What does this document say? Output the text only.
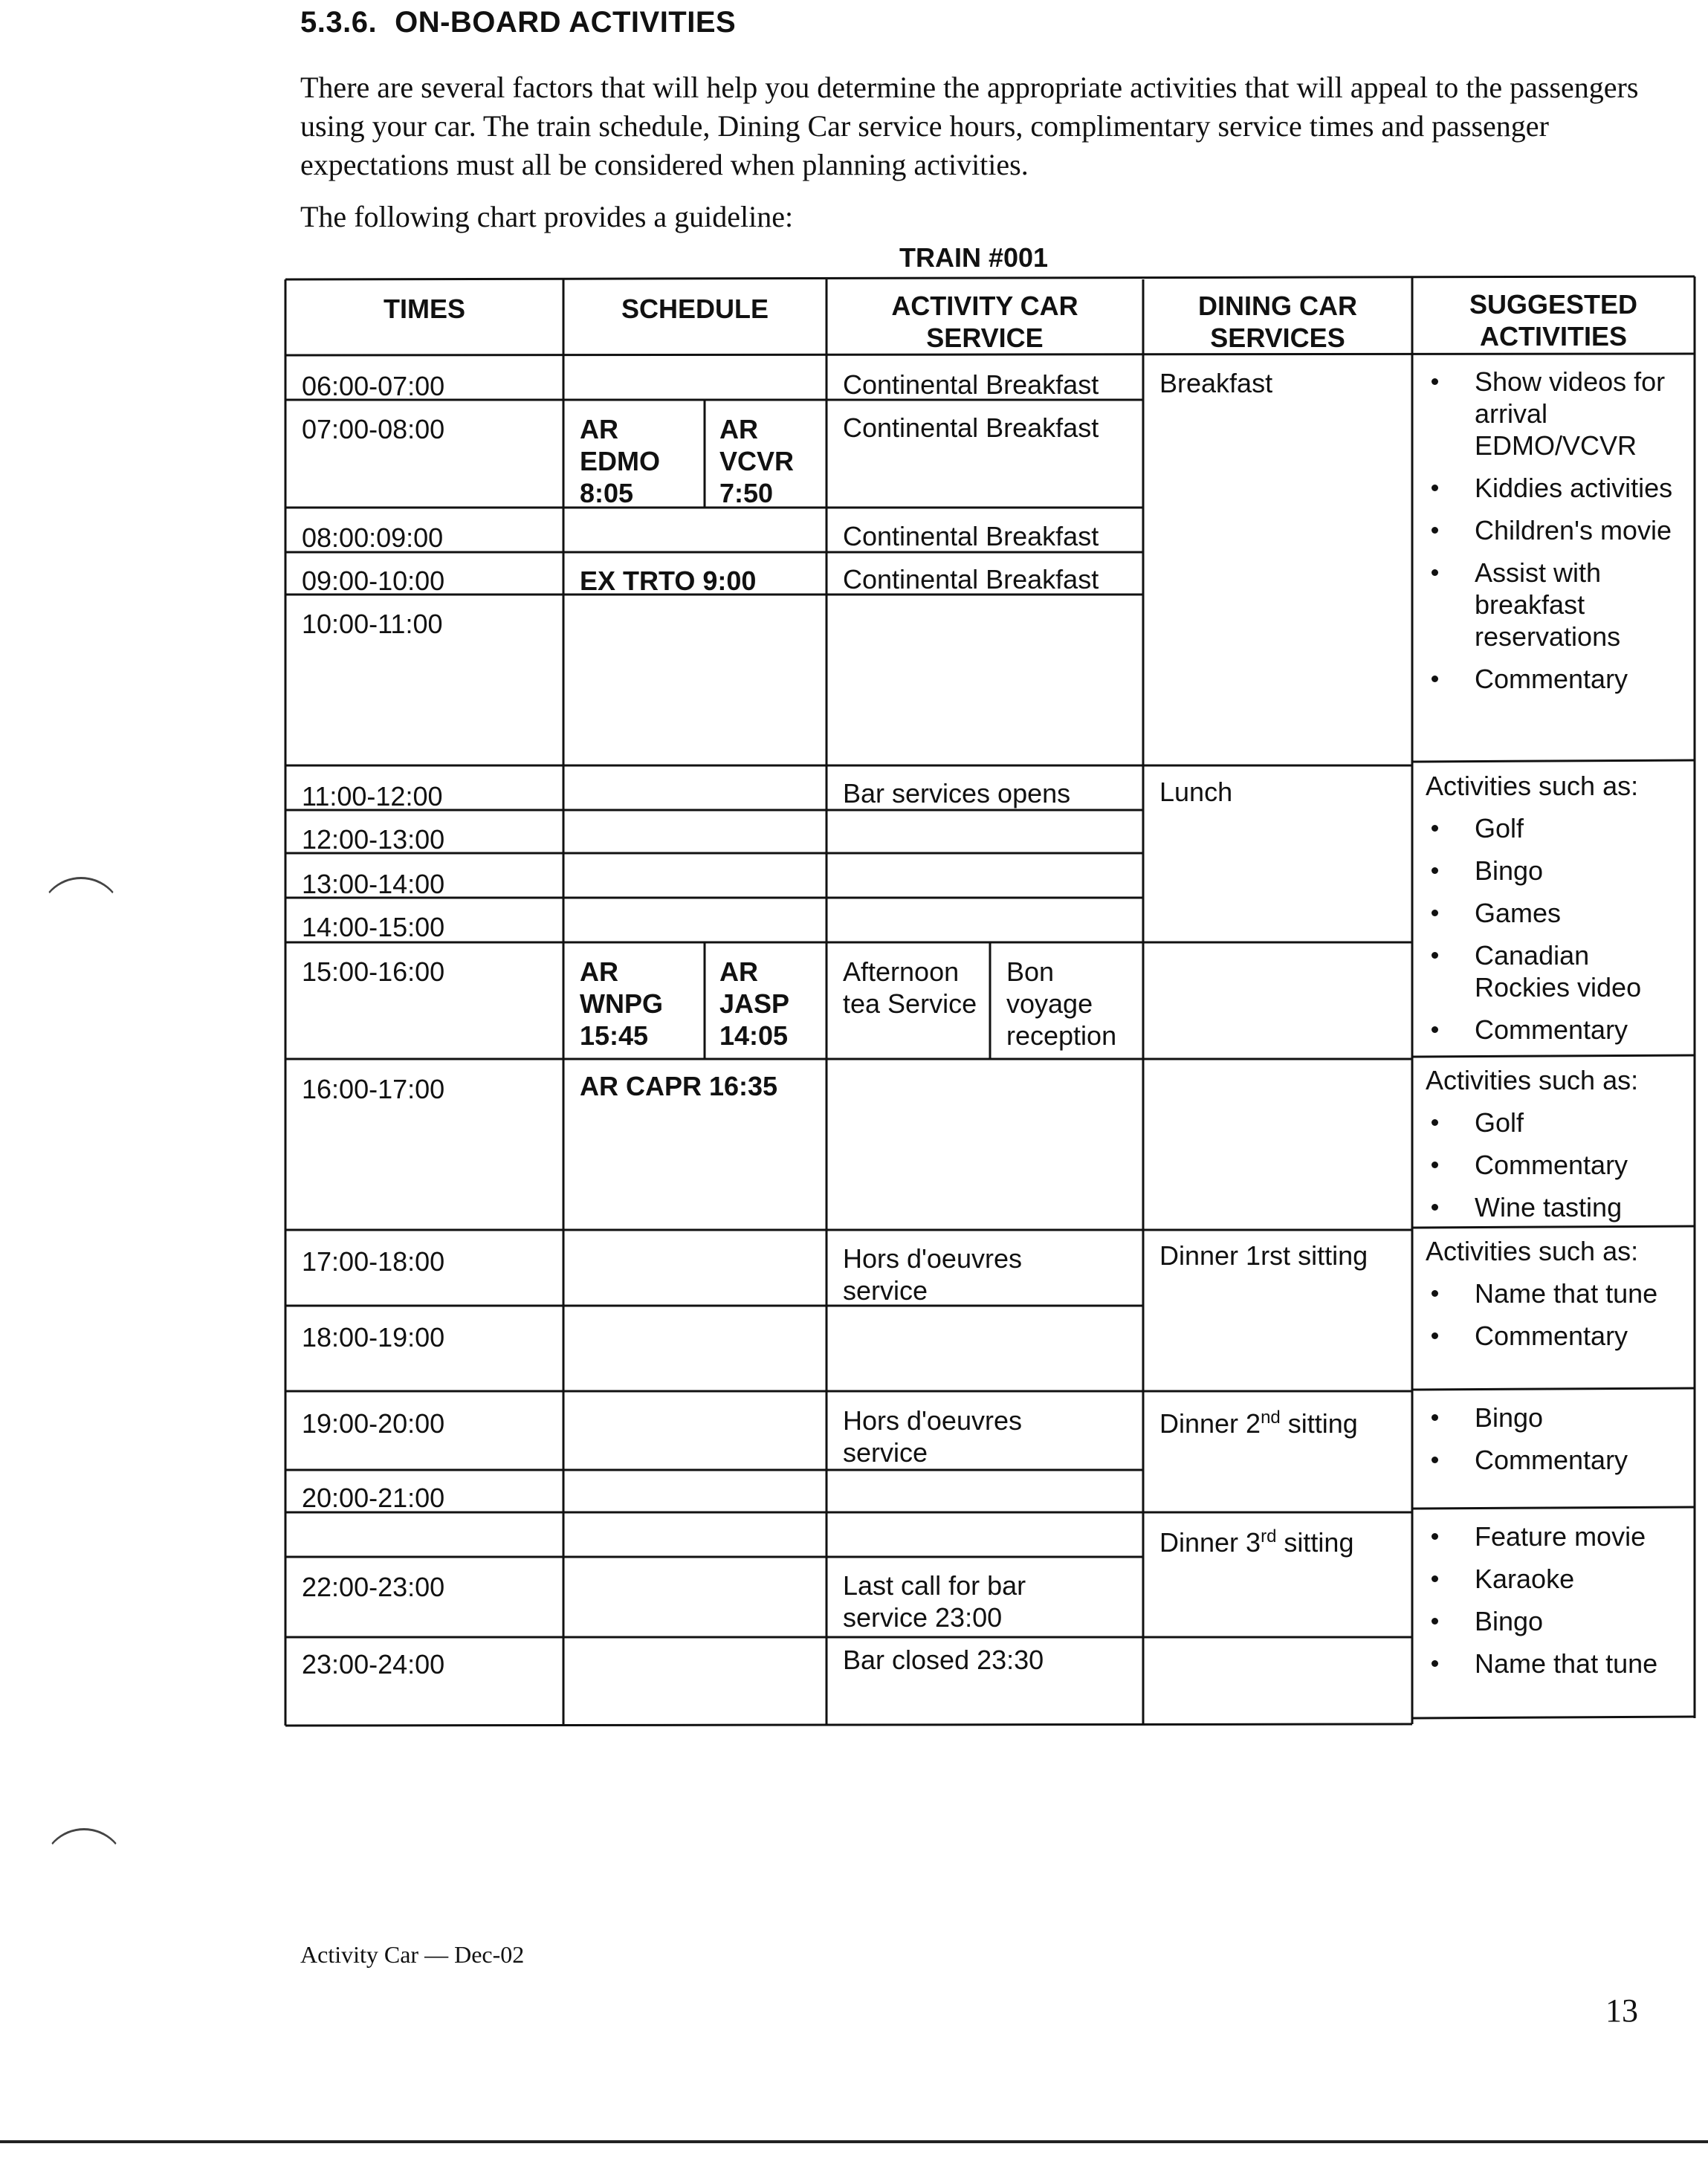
5.3.6. ON-BOARD ACTIVITIES
There are several factors that will help you determine the appropriate activities that will appeal to the passengers using your car. The train schedule, Dining Car service hours, complimentary service times and passenger expectations must all be considered when planning activities.
The following chart provides a guideline:
TRAIN #001
TIMES	SCHEDULE	ACTIVITY CAR SERVICE
DINING CAR SERVICES
SUGGESTED ACTIVITIES
06:00-07:00
07:00-08:00
08:00:09:00
09:00-10:00
10:00-11:00
11:00-12:00
12:00-13:00
13:00-14:00
14:00-15:00
15:00-16:00
16:00-17:00
17:00-18:00
18:00-19:00
19:00-20:00
20:00-21:00
22:00-23:00
23:00-24:00
AR EDMO 8:05
AR VCVR 7:50
EX TRTO 9:00
AR WNPG 15:45
AR JASP 14:05
AR CAPR 16:35
Continental Breakfast
Continental Breakfast
Continental Breakfast
Continental Breakfast
Bar services opens
Afternoon tea Service
Bon voyage reception
Hors d'oeuvres service
Hors d'oeuvres service
Last call for bar service 23:00
Bar closed 23:30
Breakfast
Lunch
Dinner 1rst sitting
Dinner 2nd sitting
Dinner 3rd sitting
Show videos for arrival EDMO/VCVR
Kiddies activities
Children's movie
Assist with breakfast reservations
Commentary
Activities such as:
Golf
Bingo
Games
Canadian Rockies video
Commentary
Activities such as:
Golf
Commentary
Wine tasting
Activities such as:
Name that tune
Commentary
Bingo
Commentary
Feature movie
Karaoke
Bingo
Name that tune
Activity Car — Dec-02
13
